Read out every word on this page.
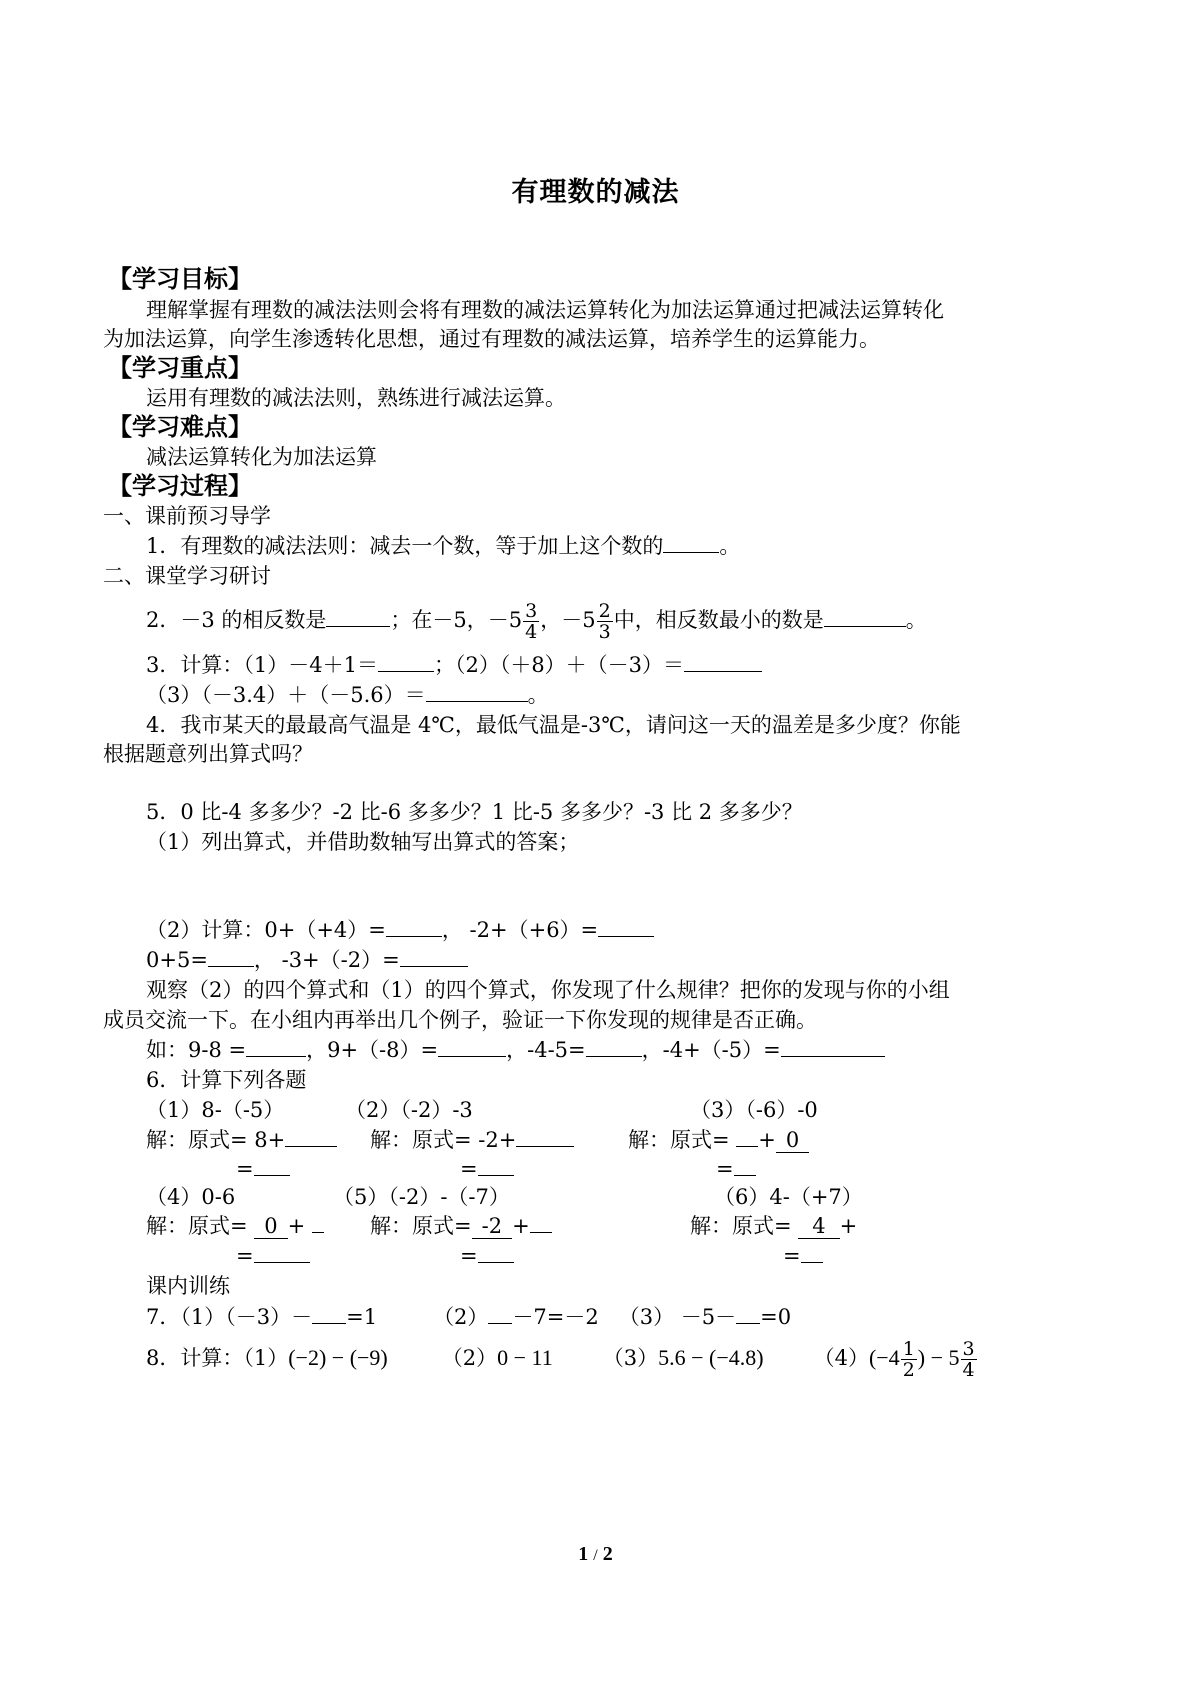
有理数的减法
【学习目标】
理解掌握有理数的减法法则会将有理数的减法运算转化为加法运算通过把减法运算转化
为加法运算，向学生渗透转化思想，通过有理数的减法运算，培养学生的运算能力。
【学习重点】
运用有理数的减法法则，熟练进行减法运算。
【学习难点】
减法运算转化为加法运算
【学习过程】
一、课前预习导学
1．有理数的减法法则：减去一个数，等于加上这个数的	。
二、课堂学习研讨
2．－3 的相反数是	；在－5，$-5 \frac{3}{4}$ ，$-5 \frac{2}{3}$ 中，相反数最小的数是	。
3．计算：（1）－4＋1＝	；（2）（＋8）＋（－3）＝
（3）（－3.4）＋（－5.6）＝	。
4．我市某天的最最高气温是 4℃，最低气温是-3℃，请问这一天的温差是多少度？你能
根据题意列出算式吗？
5．0 比-4 多多少？-2 比-6 多多少？1 比-5 多多少？-3 比 2 多多少？
（1）列出算式，并借助数轴写出算式的答案；
（2）计算：0+（+4）=	， -2+（+6）=
0+5= ， -3+（-2）=
观察（2）的四个算式和（1）的四个算式，你发现了什么规律？把你的发现与你的小组
成员交流一下。在小组内再举出几个例子，验证一下你发现的规律是否正确。
如：9-8 =	，9+（-8）=	，-4-5=	，-4+（-5）=
6．计算下列各题
（1）8-（-5）	（2）（-2）-3	（3）（-6）-0
解：原式= 8+	解：原式= -2+	解：原式= + 0
=	=	=
（4）0-6	（5）（-2）-（-7）	（6）4-（+7）
解：原式= 0 +	解：原式= -2 +	解：原式= 4 +
=	=	=
课内训练
7．（1）（－3）－ =1	（2） －7=－2 （3） －5－ =0
8．计算：（1）(−2) − (−9)	（2）0 − 11 （3）5.6 − (−4.8) $(4)(-4 \frac{1}{2}$ ) − $5 \frac{3}{4}$
1 / 2
